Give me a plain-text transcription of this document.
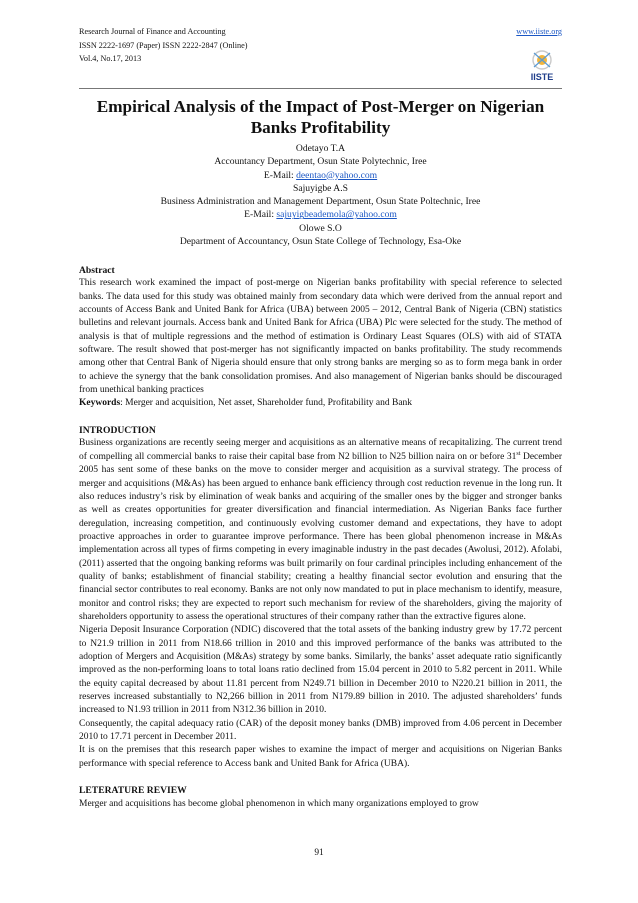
Research Journal of Finance and Accounting
ISSN 2222-1697 (Paper) ISSN 2222-2847 (Online)
Vol.4, No.17, 2013
www.iiste.org
IISTE
Empirical Analysis of the Impact of Post-Merger on Nigerian Banks Profitability
Odetayo T.A
Accountancy Department, Osun State Polytechnic, Iree
E-Mail: deentao@yahoo.com
Sajuyigbe A.S
Business Administration and Management Department, Osun State Poltechnic, Iree
E-Mail: sajuyigbeademola@yahoo.com
Olowe S.O
Department of Accountancy, Osun State College of Technology, Esa-Oke
Abstract

This research work examined the impact of post-merge on Nigerian banks profitability with special reference to selected banks. The data used for this study was obtained mainly from secondary data which were derived from the annual report and accounts of Access Bank and United Bank for Africa (UBA) between 2005 – 2012, Central Bank of Nigeria (CBN) statistics bulletins and relevant journals. Access bank and United Bank for Africa (UBA) Plc were selected for the study. The method of analysis is that of multiple regressions and the method of estimation is Ordinary Least Squares (OLS) with aid of STATA software. The result showed that post-merger has not significantly impacted on banks profitability. The study recommends among other that Central Bank of Nigeria should ensure that only strong banks are merging so as to form mega bank in order to achieve the synergy that the bank consolidation promises. And also management of Nigerian banks should be discouraged from unethical banking practices

Keywords: Merger and acquisition, Net asset, Shareholder fund, Profitability and Bank

INTRODUCTION

Business organizations are recently seeing merger and acquisitions as an alternative means of recapitalizing. The current trend of compelling all commercial banks to raise their capital base from N2 billion to N25 billion naira on or before 31st December 2005 has sent some of these banks on the move to consider merger and acquisition as a survival strategy. The process of merger and acquisitions (M&As) has been argued to enhance bank efficiency through cost reduction revenue in the long run. It also reduces industry’s risk by elimination of weak banks and acquiring of the smaller ones by the bigger and stronger banks as well as creates opportunities for greater diversification and financial intermediation. As Nigerian Banks face further deregulation, increasing competition, and continuously evolving customer demand and expectations, they have to adopt proactive approaches in order to guarantee improve performance. There has been global phenomenon increase in M&As implementation across all types of firms competing in every imaginable industry in the past decades (Awolusi, 2012). Afolabi, (2011) asserted that the ongoing banking reforms was built primarily on four cardinal principles including enhancement of the quality of banks; establishment of financial stability; creating a healthy financial sector evolution and ensuring that the financial sector contributes to real economy. Banks are not only now mandated to put in place mechanism to identify, measure, monitor and control risks; they are expected to report such mechanism for review of the shareholders, giving the majority of shareholders opportunity to assess the operational structures of their company rather than the extractive figures alone.

Nigeria Deposit Insurance Corporation (NDIC) discovered that the total assets of the banking industry grew by 17.72 percent to N21.9 trillion in 2011 from N18.66 trillion in 2010 and this improved performance of the banks was attributed to the adoption of Mergers and Acquisition (M&As) strategy by some banks. Similarly, the banks’ asset adequate ratio significantly improved as the non-performing loans to total loans ratio declined from 15.04 percent in 2010 to 5.82 percent in 2011. While the equity capital decreased by about 11.81 percent from N249.71 billion in December 2010 to N220.21 billion in 2011, the reserves increased substantially to N2,266 billion in 2011 from N179.89 billion in 2010. The adjusted shareholders’ funds increased to N1.93 trillion in 2011 from N312.36 billion in 2010.

Consequently, the capital adequacy ratio (CAR) of the deposit money banks (DMB) improved from 4.06 percent in December 2010 to 17.71 percent in December 2011.

It is on the premises that this research paper wishes to examine the impact of merger and acquisitions on Nigerian Banks performance with special reference to Access bank and United Bank for Africa (UBA).

LETERATURE REVIEW

Merger and acquisitions has become global phenomenon in which many organizations employed to grow

91
